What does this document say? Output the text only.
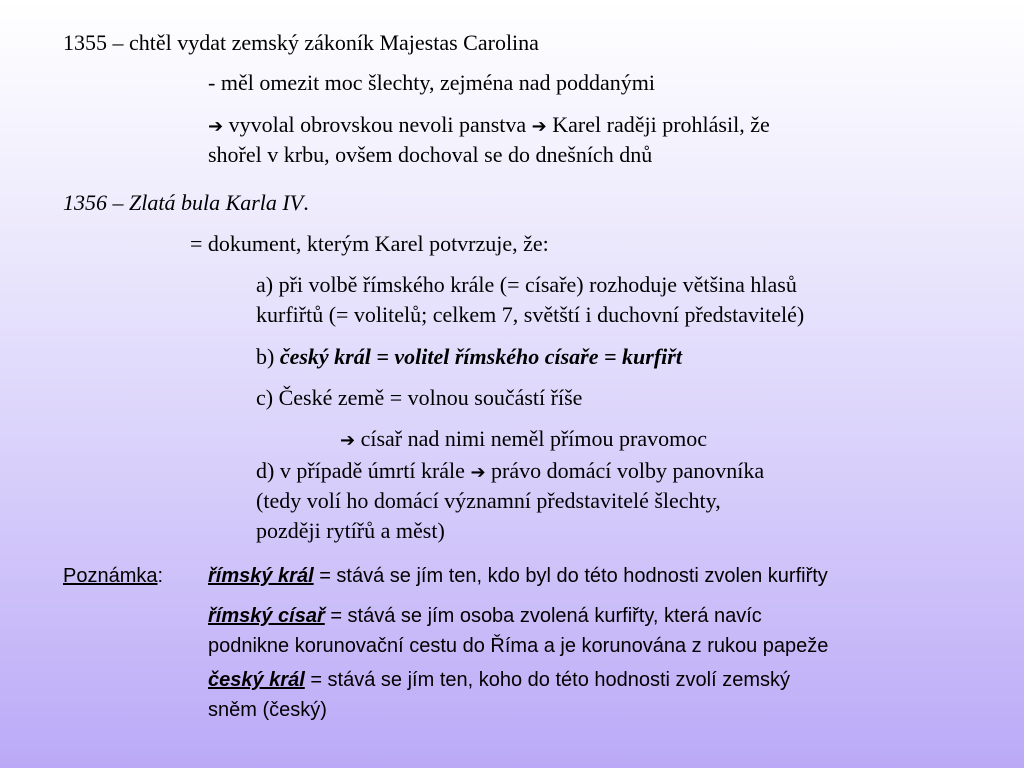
1355 – chtěl vydat zemský zákoník Majestas Carolina
- měl omezit moc šlechty, zejména nad poddanými
➔ vyvolal obrovskou nevoli panstva ➔ Karel raději prohlásil, že
shořel v krbu, ovšem dochoval se do dnešních dnů
1356 – Zlatá bula Karla IV.
= dokument, kterým Karel potvrzuje, že:
a) při volbě římského krále (= císaře) rozhoduje většina hlasů
kurfiřtů (= volitelů; celkem 7, světští i duchovní představitelé)
b) český král = volitel římského císaře = kurfiřt
c) České země = volnou součástí říše
➔ císař nad nimi neměl přímou pravomoc
d) v případě úmrtí krále ➔ právo domácí volby panovníka
(tedy volí ho domácí významní představitelé šlechty,
později rytířů a měst)
Poznámka: římský král = stává se jím ten, kdo byl do této hodnosti zvolen kurfiřty
římský císař = stává se jím osoba zvolená kurfiřty, která navíc
podnikne korunovační cestu do Říma a je korunována z rukou papeže
český král = stává se jím ten, koho do této hodnosti zvolí zemský
sněm (český)
